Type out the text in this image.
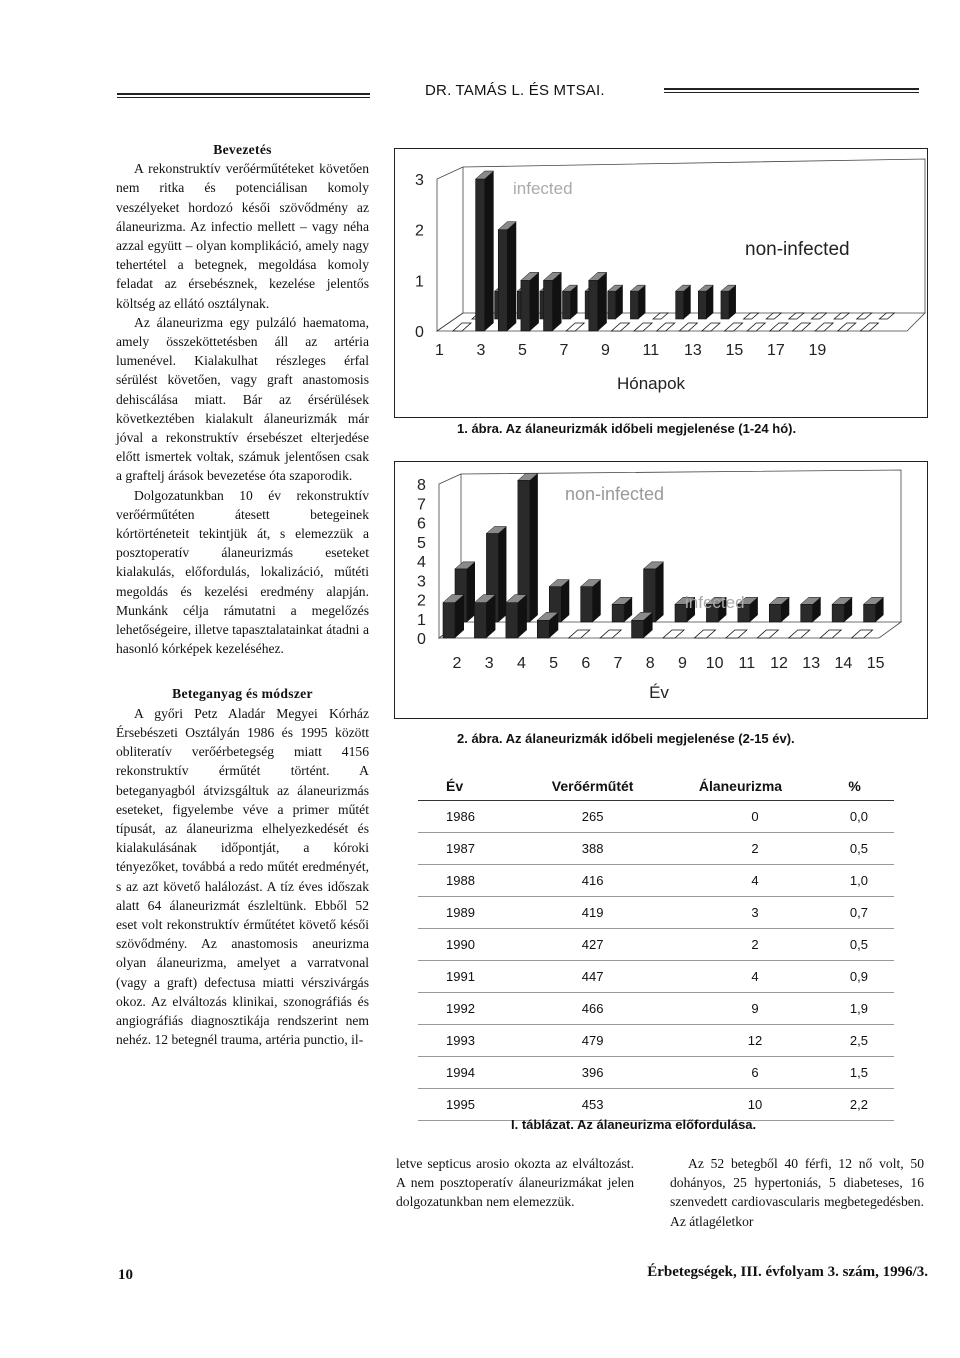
DR. TAMÁS L. ÉS MTSAI.

Bevezetés

A rekonstruktív verőérműtéteket követően nem ritka és potenciálisan komoly veszélyeket hordozó késői szövődmény az álaneurizma. Az infectio mellett – vagy néha azzal együtt – olyan komplikáció, amely nagy tehertétel a betegnek, megoldása komoly feladat az érsebésznek, kezelése jelentős költség az ellátó osztálynak.

Az álaneurizma egy pulzáló haematoma, amely összeköttetésben áll az artéria lumenével. Kialakulhat részleges érfal sérülést követően, vagy graft anastomosis dehiscálása miatt. Bár az érsérülések következtében kialakult álaneurizmák már jóval a rekonstruktív érsebészet elterjedése előtt ismertek voltak, számuk jelentősen csak a graftelj árások bevezetése óta szaporodik.

Dolgozatunkban 10 év rekonstruktív verőérműtéten átesett betegeinek kórtörténeteit tekintjük át, s elemezzük a posztoperatív álaneurizmás eseteket kialakulás, előfordulás, lokalizáció, műtéti megoldás és kezelési eredmény alapján. Munkánk célja rámutatni a megelőzés lehetőségeire, illetve tapasztalatainkat átadni a hasonló kórképek kezeléséhez.

Beteganyag és módszer

A győri Petz Aladár Megyei Kórház Érsebészeti Osztályán 1986 és 1995 között obliteratív verőérbetegség miatt 4156 rekonstruktív érműtét történt. A beteganyagból átvizsgáltuk az álaneurizmás eseteket, figyelembe véve a primer műtét típusát, az álaneurizma elhelyezkedését és kialakulásának időpontját, a kóroki tényezőket, továbbá a redo műtét eredményét, s az azt követő halálozást. A tíz éves időszak alatt 64 álaneurizmát észleltünk. Ebből 52 eset volt rekonstruktív érműtétet követő késői szövődmény. Az anastomosis aneurizma olyan álaneurizma, amelyet a varratvonal (vagy a graft) defectusa miatti vérszivárgás okoz. Az elváltozás klinikai, szonográfiás és angiográfiás diagnosztikája rendszerint nem nehéz. 12 betegnél trauma, artéria punctio, il-

0
1
2
3	infected
non-infected
1 3 5 7 9 11 13 15 17 19
Hónapok
1. ábra. Az álaneurizmák időbeli megjelenése (1-24 hó).
0
1
2
3
4
5
6
7
8	non-infected
infected
2 3 4 5 6 7 8 9 10 11 12 13 14 15
Év
2. ábra. Az álaneurizmák időbeli megjelenése (2-15 év).
Év	Verőérműtét	Álaneurizma	%
1986	265	0	0,0
1987	388	2	0,5
1988	416	4	1,0
1989	419	3	0,7
1990	427	2	0,5
1991	447	4	0,9
1992	466	9	1,9
1993	479	12	2,5
1994	396	6	1,5
1995	453	10	2,2
I. táblázat. Az álaneurizma előfordulása.

letve septicus arosio okozta az elváltozást. A nem posztoperatív álaneurizmákat jelen dolgozatunkban nem elemezzük.

Az 52 betegből 40 férfi, 12 nő volt, 50 dohányos, 25 hypertoniás, 5 diabeteses, 16 szenvedett cardiovascularis megbetegedésben. Az átlagéletkor

10	Érbetegségek, III. évfolyam 3. szám, 1996/3.
